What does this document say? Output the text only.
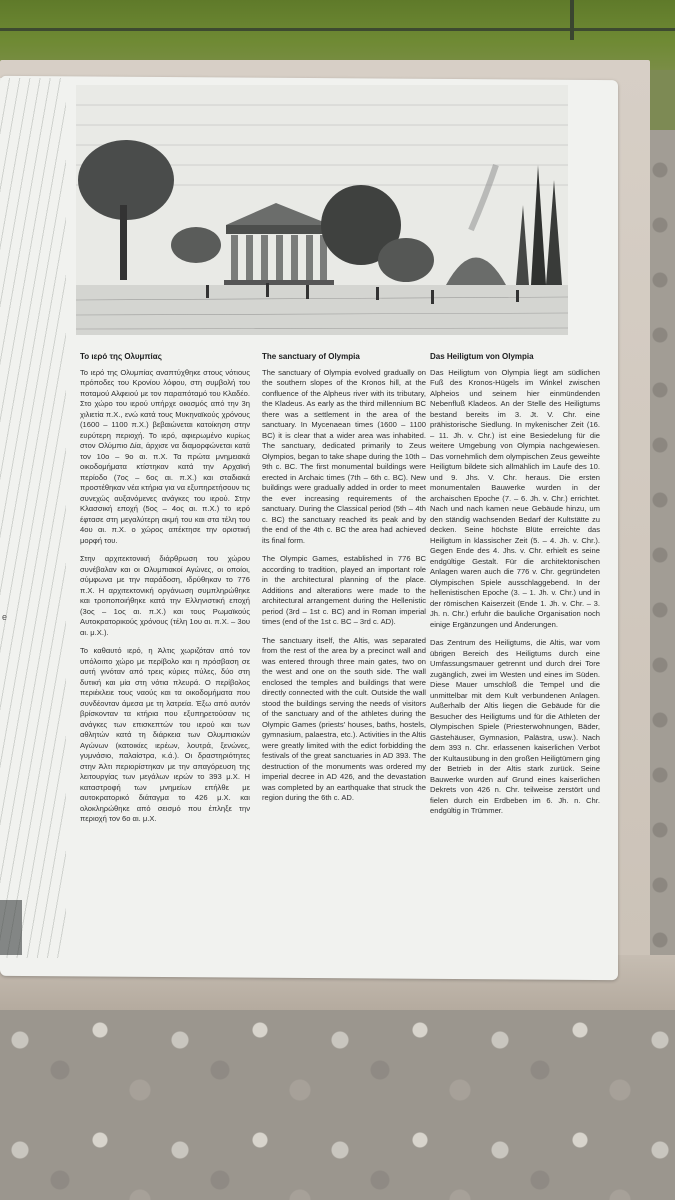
e
Το ιερό της Ολυμπίας

Το ιερό της Ολυμπίας αναπτύχθηκε στους νότιους πρόποδες του Κρονίου λόφου, στη συμβολή του ποταμού Αλφειού με τον παραπόταμό του Κλαδέο. Στο χώρο του ιερού υπήρχε οικισμός από την 3η χιλιετία π.Χ., ενώ κατά τους Μυκηναϊκούς χρόνους (1600 – 1100 π.Χ.) βεβαιώνεται κατοίκηση στην ευρύτερη περιοχή. Το ιερό, αφιερωμένο κυρίως στον Ολύμπιο Δία, άρχισε να διαμορφώνεται κατά τον 10ο – 9ο αι. π.Χ. Τα πρώτα μνημειακά οικοδομήματα κτίστηκαν κατά την Αρχαϊκή περίοδο (7ος – 6ος αι. π.Χ.) και σταδιακά προστέθηκαν νέα κτήρια για να εξυπηρετήσουν τις συνεχώς αυξανόμενες ανάγκες του ιερού. Στην Κλασσική εποχή (5ος – 4ος αι. π.Χ.) το ιερό έφτασε στη μεγαλύτερη ακμή του και στα τέλη του 4ου αι. π.Χ. ο χώρος απέκτησε την οριστική μορφή του.

Στην αρχιτεκτονική διάρθρωση του χώρου συνέβαλαν και οι Ολυμπιακοί Αγώνες, οι οποίοι, σύμφωνα με την παράδοση, ιδρύθηκαν το 776 π.Χ. Η αρχιτεκτονική οργάνωση συμπληρώθηκε και τροποποιήθηκε κατά την Ελληνιστική εποχή (3ος – 1ος αι. π.Χ.) και τους Ρωμαϊκούς Αυτοκρατορικούς χρόνους (τέλη 1ου αι. π.Χ. – 3ου αι. μ.Χ.).

Το καθαυτό ιερό, η Άλτις χωριζόταν από τον υπόλοιπο χώρο με περίβολο και η πρόσβαση σε αυτή γινόταν από τρεις κύριες πύλες, δύο στη δυτική και μία στη νότια πλευρά. Ο περίβολος περιέκλειε τους ναούς και τα οικοδομήματα που συνδέονταν άμεσα με τη λατρεία. Έξω από αυτόν βρίσκονταν τα κτήρια που εξυπηρετούσαν τις ανάγκες των επισκεπτών του ιερού και των αθλητών κατά τη διάρκεια των Ολυμπιακών Αγώνων (κατοικίες ιερέων, λουτρά, ξενώνες, γυμνάσιο, παλαίστρα, κ.ά.). Οι δραστηριότητες στην Άλτι περιορίστηκαν με την απαγόρευση της λειτουργίας των μεγάλων ιερών το 393 μ.Χ. Η καταστροφή των μνημείων επήλθε με αυτοκρατορικό διάταγμα το 426 μ.Χ. και ολοκληρώθηκε από σεισμό που έπληξε την περιοχή τον 6ο αι. μ.Χ.

The sanctuary of Olympia

The sanctuary of Olympia evolved gradually on the southern slopes of the Kronos hill, at the confluence of the Alpheus river with its tributary, the Kladeus. As early as the third millennium BC there was a settlement in the area of the sanctuary. In Mycenaean times (1600 – 1100 BC) it is clear that a wider area was inhabited. The sanctuary, dedicated primarily to Zeus Olympios, began to take shape during the 10th – 9th c. BC. The first monumental buildings were erected in Archaic times (7th – 6th c. BC). New buildings were gradually added in order to meet the ever increasing requirements of the sanctuary. During the Classical period (5th – 4th c. BC) the sanctuary reached its peak and by the end of the 4th c. BC the area had achieved its final form.

The Olympic Games, established in 776 BC according to tradition, played an important role in the architectural planning of the place. Additions and alterations were made to the architectural arrangement during the Hellenistic period (3rd – 1st c. BC) and in Roman imperial times (end of the 1st c. BC – 3rd c. AD).

The sanctuary itself, the Altis, was separated from the rest of the area by a precinct wall and was entered through three main gates, two on the west and one on the south side. The wall enclosed the temples and buildings that were directly connected with the cult. Outside the wall stood the buildings serving the needs of visitors of the sanctuary and of the athletes during the Olympic Games (priests' houses, baths, hostels, gymnasium, palaestra, etc.). Activities in the Altis were greatly limited with the edict forbidding the festivals of the great sanctuaries in AD 393. The destruction of the monuments was ordered my imperial decree in AD 426, and the devastation was completed by an earthquake that struck the region during the 6th c. AD.

Das Heiligtum von Olympia

Das Heiligtum von Olympia liegt am südlichen Fuß des Kronos-Hügels im Winkel zwischen Alpheios und seinem hier einmündenden Nebenfluß Kladeos. An der Stelle des Heiligtums bestand bereits im 3. Jt. V. Chr. eine prähistorische Siedlung. In mykenischer Zeit (16. – 11. Jh. v. Chr.) ist eine Besiedelung für die weitere Umgebung von Olympia nachgewiesen. Das vornehmlich dem olympischen Zeus geweihte Heiligtum bildete sich allmählich im Laufe des 10. und 9. Jhs. V. Chr. heraus. Die ersten monumentalen Bauwerke wurden in der archaischen Epoche (7. – 6. Jh. v. Chr.) errichtet. Nach und nach kamen neue Gebäude hinzu, um den ständig wachsenden Bedarf der Kultstätte zu decken. Seine höchste Blüte erreichte das Heiligtum in klassischer Zeit (5. – 4. Jh. v. Chr.). Gegen Ende des 4. Jhs. v. Chr. erhielt es seine endgültige Gestalt. Für die architektonischen Anlagen waren auch die 776 v. Chr. gegründeten Olympischen Spiele ausschlaggebend. In der hellenistischen Epoche (3. – 1. Jh. v. Chr.) und in der römischen Kaiserzeit (Ende 1. Jh. v. Chr. – 3. Jh. n. Chr.) erfuhr die bauliche Organisation noch einige Ergänzungen und Änderungen.

Das Zentrum des Heiligtums, die Altis, war vom übrigen Bereich des Heiligtums durch eine Umfassungsmauer getrennt und durch drei Tore zugänglich, zwei im Westen und eines im Süden. Diese Mauer umschloß die Tempel und die unmittelbar mit dem Kult verbundenen Anlagen. Außerhalb der Altis liegen die Gebäude für die Besucher des Heiligtums und für die Athleten der Olympischen Spiele (Priesterwohnungen, Bäder, Gästehäuser, Gymnasion, Palästra, usw.). Nach dem 393 n. Chr. erlassenen kaiserlichen Verbot der Kultausübung in den großen Heiligtümern ging der Betrieb in der Altis stark zurück. Seine Bauwerke wurden auf Grund eines kaiserlichen Dekrets von 426 n. Chr. teilweise zerstört und fielen durch ein Erdbeben im 6. Jh. n. Chr. endgültig in Trümmer.
